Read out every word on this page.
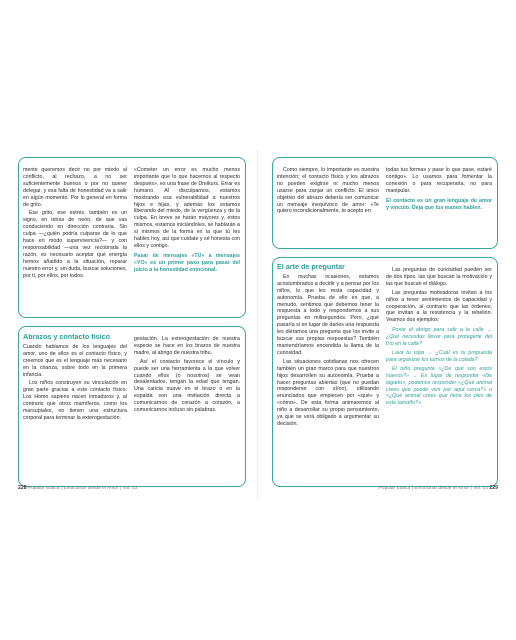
mente queremos decir no por miedo al conflicto, al rechazo, a no ser suficientemente buenos o por no querer delegar, y esa falta de honestidad va a salir en algún momento. Por lo general en forma de grito.

Ese grito, ese estrés, también es un signo, en letras de neón, de que vas conduciendo en dirección contraria. Sin culpa —¿quién podría culparse de lo que hace en modo supervivencia?— y con responsabilidad —una vez recobrada la razón, es necesario aceptar qué energía hemos añadido a la situación, reparar nuestro error y, sin duda, buscar soluciones, por ti, por ellos, por todos.

«Cometer un error es mucho menos importante que lo que hacemos al respecto después», es una frase de Dreikurs. Errar es humano. Al disculparnos, estamos mostrando esa vulnerabilidad a nuestros hijos e hijas, y además los estamos liberando del miedo, de la vergüenza y de la culpa. En breve se harán mayores y, estos mismos, estamos iniciándoles, se hablarán a sí mismos de la forma en la que tú les hables hoy, así que cuídate y sé honesta con ellos y contigo.

Pasar de mensajes «TÚ» a mensajes «YO» es un primer paso para pasar del juicio a la honestidad emocional.

Abrazos y contacto físico

Cuando hablamos de los lenguajes del amor, uno de ellos es el contacto físico, y creemos que es el lenguaje más necesario en la crianza, sobre todo en la primera infancia.

Los niños construyen su vinculación en gran parte gracias a este contacto físico. Los Homo sapiens nacen inmaduros y, al contrario que otros mamíferos, como los marsupiales, no tienen una estructura corporal para terminar la exterogestación.

gestación. La exterogestación de nuestra especie se hace en los brazos de nuestra madre, al abrigo de nuestra tribu.

Así el contacto favorece el vínculo y puede ser una herramienta a la que volver cuando ellos (o nosotros) se vean desalentados, tengan la edad que tengan. Una caricia suave en el brazo o en la espalda son una invitación directa a comunicarnos de corazón a corazón, a comunicarnos incluso sin palabras.

228 Popular Educa | Emocionar desde el Amor | Vol. 03

Como siempre, lo importante es nuestra intención; el contacto físico y los abrazos no pueden exigirse ni mucho menos usarse para zanjar un conflicto. El único objetivo del abrazo debería ser comunicar un mensaje inequívoco de amor: «Te quiero incondicionalmente, te acepto en

todas tus formas y pase lo que pase, estaré contigo». Lo usamos para fomentar la conexión o para recuperarla, no para manipular.

El contacto es un gran lenguaje de amor y vínculo. Deja que tus manos hablen.

El arte de preguntar

En muchas ocasiones, estamos acostumbrados a decidir y a pensar por los niños, lo que les resta capacidad y autonomía. Prueba de ello es que, a menudo, sentimos que debemos tener la respuesta a todo y respondemos a sus preguntas en milisegundos. Pero, ¿qué pasaría si en lugar de darles una respuesta les diéramos una pregunta que los invite a buscar sus propias respuestas? También mantendríamos encendida la llama de la curiosidad.

Las situaciones cotidianas nos ofrecen también un gran marco para que nuestros hijos desarrollen su autonomía. Prueba a hacer preguntas abiertas (que no puedan responderse con sí/no), utilizando enunciados que empiecen por «qué» y «cómo». De esta forma animaremos al niño a desarrollar su propio pensamiento, ya que se verá obligado a argumentar su decisión.

Las preguntas de curiosidad pueden ser de dos tipos. las que buscan la motivación y las que buscan el diálogo.

Las preguntas motivadoras invitan a los niños a tener sentimientos de capacidad y cooperación, al contrario que las órdenes, que invitan a la resistencia y la rebelión. Veamos dos ejemplos:

Ponte el abrigo para salir a la calle → ¿Qué necesitas llevar para protegerte del frío en la calle?

Lava tu ropa → ¿Cuál es tu propuesta para organizar los turnos de la colada?

El niño pregunta «¿De qué son estos huevos?» → En lugar de responder «De lagarto», podemos responder «¿Qué animal crees que puede vivir por aquí cerca?» o «¿Qué animal crees que tiene los pies de este tamaño?».

Popular Educa | Emocionar desde el Amor | Vol. 03 229
